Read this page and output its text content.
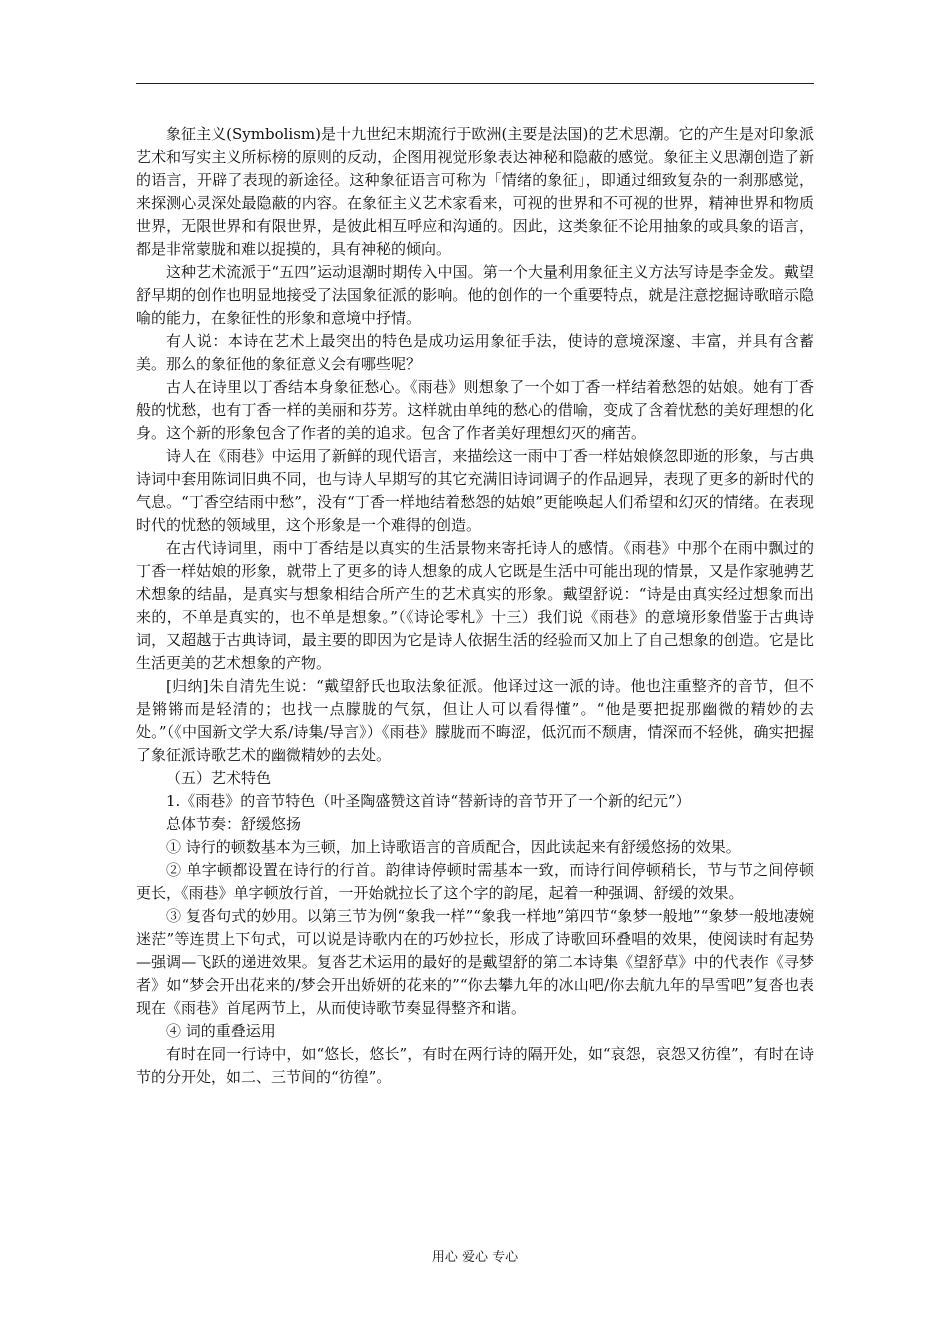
象征主义(Symbolism)是十九世纪末期流行于欧洲(主要是法国)的艺术思潮。它的产生是对印象派艺术和写实主义所标榜的原则的反动，企图用视觉形象表达神秘和隐蔽的感觉。象征主义思潮创造了新的语言，开辟了表现的新途径。这种象征语言可称为「情绪的象征」，即通过细致复杂的一刹那感觉，来探测心灵深处最隐蔽的内容。在象征主义艺术家看来，可视的世界和不可视的世界，精神世界和物质世界，无限世界和有限世界，是彼此相互呼应和沟通的。因此，这类象征不论用抽象的或具象的语言，都是非常蒙胧和难以捉摸的，具有神秘的倾向。

这种艺术流派于“五四”运动退潮时期传入中国。第一个大量利用象征主义方法写诗是李金发。戴望舒早期的创作也明显地接受了法国象征派的影响。他的创作的一个重要特点，就是注意挖掘诗歌暗示隐喻的能力，在象征性的形象和意境中抒情。

有人说：本诗在艺术上最突出的特色是成功运用象征手法，使诗的意境深邃、丰富，并具有含蓄美。那么的象征他的象征意义会有哪些呢？

古人在诗里以丁香结本身象征愁心。《雨巷》则想象了一个如丁香一样结着愁怨的姑娘。她有丁香般的忧愁，也有丁香一样的美丽和芬芳。这样就由单纯的愁心的借喻，变成了含着忧愁的美好理想的化身。这个新的形象包含了作者的美的追求。包含了作者美好理想幻灭的痛苦。

诗人在《雨巷》中运用了新鲜的现代语言，来描绘这一雨中丁香一样姑娘倏忽即逝的形象，与古典诗词中套用陈词旧典不同，也与诗人早期写的其它充满旧诗词调子的作品迥异，表现了更多的新时代的气息。“丁香空结雨中愁”，没有“丁香一样地结着愁怨的姑娘”更能唤起人们希望和幻灭的情绪。在表现时代的忧愁的领域里，这个形象是一个难得的创造。

在古代诗词里，雨中丁香结是以真实的生活景物来寄托诗人的感情。《雨巷》中那个在雨中飘过的丁香一样姑娘的形象，就带上了更多的诗人想象的成人它既是生活中可能出现的情景，又是作家驰骋艺术想象的结晶，是真实与想象相结合所产生的艺术真实的形象。戴望舒说：“诗是由真实经过想象而出来的，不单是真实的，也不单是想象。”（《诗论零札》十三）我们说《雨巷》的意境形象借鉴于古典诗词，又超越于古典诗词，最主要的即因为它是诗人依据生活的经验而又加上了自己想象的创造。它是比生活更美的艺术想象的产物。

[归纳]朱自清先生说：“戴望舒氏也取法象征派。他译过这一派的诗。他也注重整齐的音节，但不是锵锵而是轻清的；也找一点朦胧的气氛，但让人可以看得懂”。“他是要把捉那幽微的精妙的去处。”（《中国新文学大系/诗集/导言》）《雨巷》朦胧而不晦涩，低沉而不颓唐，情深而不轻佻，确实把握了象征派诗歌艺术的幽微精妙的去处。

（五）艺术特色

1.《雨巷》的音节特色（叶圣陶盛赞这首诗“替新诗的音节开了一个新的纪元”）

总体节奏：舒缓悠扬

① 诗行的顿数基本为三顿，加上诗歌语言的音质配合，因此读起来有舒缓悠扬的效果。

② 单字顿都设置在诗行的行首。韵律诗停顿时需基本一致，而诗行间停顿稍长，节与节之间停顿更长，《雨巷》单字顿放行首，一开始就拉长了这个字的韵尾，起着一种强调、舒缓的效果。

③ 复沓句式的妙用。以第三节为例“象我一样”“象我一样地”第四节“象梦一般地”“象梦一般地凄婉迷茫”等连贯上下句式，可以说是诗歌内在的巧妙拉长，形成了诗歌回环叠唱的效果，使阅读时有起势—强调—飞跃的递进效果。复沓艺术运用的最好的是戴望舒的第二本诗集《望舒草》中的代表作《寻梦者》如“梦会开出花来的/梦会开出娇妍的花来的”“你去攀九年的冰山吧/你去航九年的旱雪吧”复沓也表现在《雨巷》首尾两节上，从而使诗歌节奏显得整齐和谐。

④ 词的重叠运用

有时在同一行诗中，如“悠长，悠长”，有时在两行诗的隔开处，如“哀怨，哀怨又彷徨”，有时在诗节的分开处，如二、三节间的“彷徨”。

用心 爱心 专心
